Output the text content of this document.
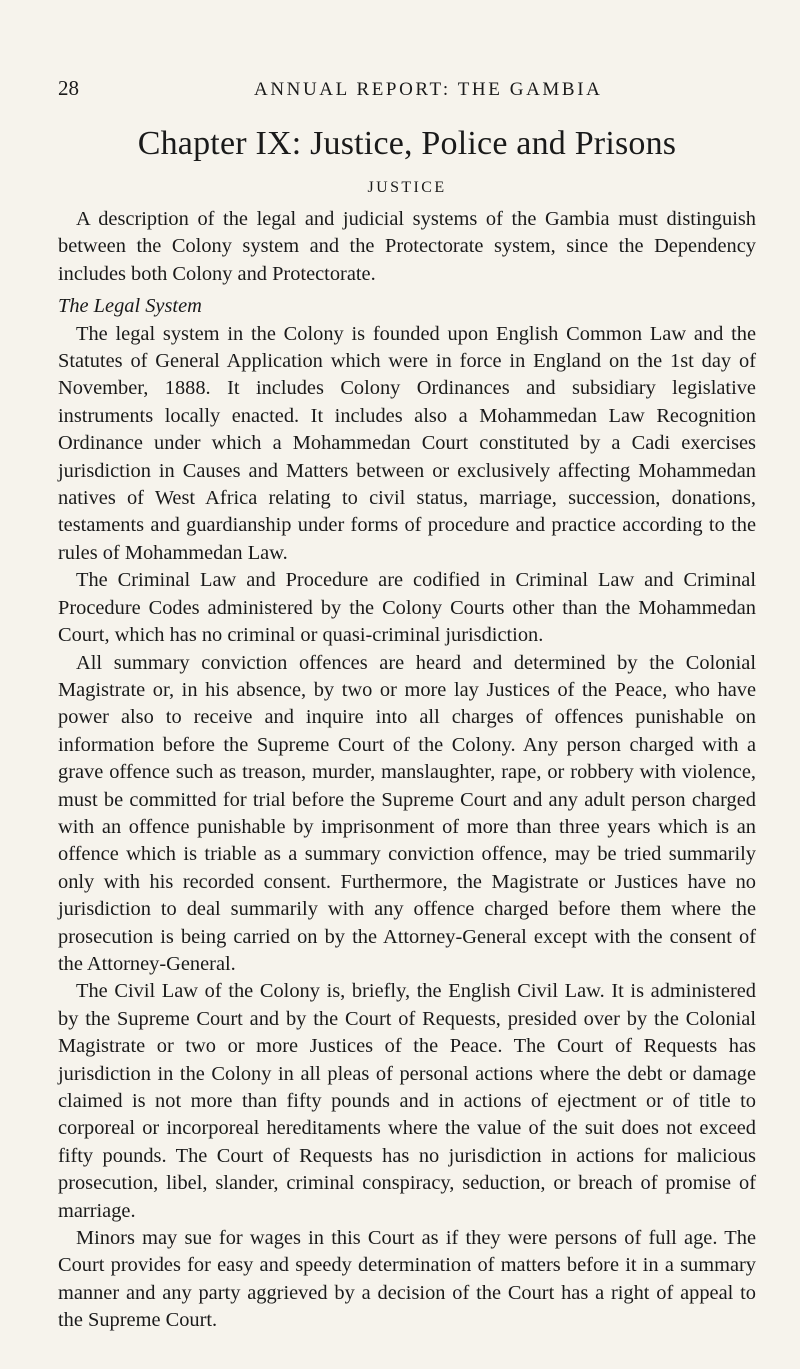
28	ANNUAL REPORT: THE GAMBIA
Chapter IX: Justice, Police and Prisons
JUSTICE

A description of the legal and judicial systems of the Gambia must distinguish between the Colony system and the Protectorate system, since the Dependency includes both Colony and Protectorate.

The Legal System

The legal system in the Colony is founded upon English Common Law and the Statutes of General Application which were in force in England on the 1st day of November, 1888. It includes Colony Ordinances and subsidiary legislative instruments locally enacted. It includes also a Mohammedan Law Recognition Ordinance under which a Mohammedan Court constituted by a Cadi exercises jurisdiction in Causes and Matters between or exclusively affecting Mohammedan natives of West Africa relating to civil status, marriage, succession, donations, testaments and guardianship under forms of procedure and practice according to the rules of Mohammedan Law.

The Criminal Law and Procedure are codified in Criminal Law and Criminal Procedure Codes administered by the Colony Courts other than the Mohammedan Court, which has no criminal or quasi-criminal jurisdiction.

All summary conviction offences are heard and determined by the Colonial Magistrate or, in his absence, by two or more lay Justices of the Peace, who have power also to receive and inquire into all charges of offences punishable on information before the Supreme Court of the Colony. Any person charged with a grave offence such as treason, murder, manslaughter, rape, or robbery with violence, must be committed for trial before the Supreme Court and any adult person charged with an offence punishable by imprisonment of more than three years which is an offence which is triable as a summary conviction offence, may be tried summarily only with his recorded consent. Furthermore, the Magistrate or Justices have no jurisdiction to deal summarily with any offence charged before them where the prosecution is being carried on by the Attorney-General except with the consent of the Attorney-General.

The Civil Law of the Colony is, briefly, the English Civil Law. It is administered by the Supreme Court and by the Court of Requests, presided over by the Colonial Magistrate or two or more Justices of the Peace. The Court of Requests has jurisdiction in the Colony in all pleas of personal actions where the debt or damage claimed is not more than fifty pounds and in actions of ejectment or of title to corporeal or incorporeal hereditaments where the value of the suit does not exceed fifty pounds. The Court of Requests has no jurisdiction in actions for malicious prosecution, libel, slander, criminal conspiracy, seduction, or breach of promise of marriage.

Minors may sue for wages in this Court as if they were persons of full age. The Court provides for easy and speedy determination of matters before it in a summary manner and any party aggrieved by a decision of the Court has a right of appeal to the Supreme Court.
